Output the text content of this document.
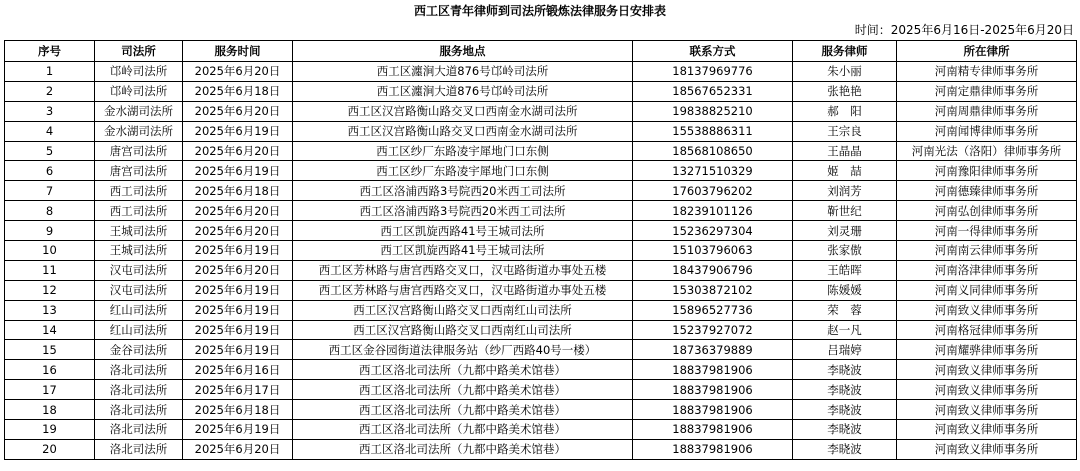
西工区青年律师到司法所锻炼法律服务日安排表
时间：2025年6月16日-2025年6月20日
序号	司法所	服务时间	服务地点	联系方式	服务律师	所在律所
1	邙岭司法所	2025年6月20日	西工区瀍涧大道876号邙岭司法所	18137969776	朱小丽	河南精专律师事务所
2	邙岭司法所	2025年6月18日	西工区瀍涧大道876号邙岭司法所	18567652331	张艳艳	河南定鼎律师事务所
3	金水湖司法所	2025年6月20日	西工区汉宫路衡山路交叉口西南金水湖司法所	19838825210	郝　阳	河南周鼎律师事务所
4	金水湖司法所	2025年6月19日	西工区汉宫路衡山路交叉口西南金水湖司法所	15538886311	王宗良	河南闻博律师事务所
5	唐宫司法所	2025年6月20日	西工区纱厂东路凌宇犀地门口东侧	18568108650	王晶晶	河南光法（洛阳）律师事务所
6	唐宫司法所	2025年6月19日	西工区纱厂东路凌宇犀地门口东侧	13271510329	姬　喆	河南豫阳律师事务所
7	西工司法所	2025年6月18日	西工区洛浦西路3号院西20米西工司法所	17603796202	刘润芳	河南德臻律师事务所
8	西工司法所	2025年6月20日	西工区洛浦西路3号院西20米西工司法所	18239101126	靳世纪	河南弘创律师事务所
9	王城司法所	2025年6月20日	西工区凯旋西路41号王城司法所	15236297304	刘灵珊	河南一得律师事务所
10	王城司法所	2025年6月19日	西工区凯旋西路41号王城司法所	15103796063	张家傲	河南南云律师事务所
11	汉屯司法所	2025年6月20日	西工区芳林路与唐宫西路交叉口，汉屯路街道办事处五楼	18437906796	王皓晖	河南洛津律师事务所
12	汉屯司法所	2025年6月19日	西工区芳林路与唐宫西路交叉口，汉屯路街道办事处五楼	15303872102	陈媛媛	河南义同律师事务所
13	红山司法所	2025年6月19日	西工区汉宫路衡山路交叉口西南红山司法所	15896527736	荣　蓉	河南致义律师事务所
14	红山司法所	2025年6月19日	西工区汉宫路衡山路交叉口西南红山司法所	15237927072	赵一凡	河南格冠律师事务所
15	金谷司法所	2025年6月19日	西工区金谷园街道法律服务站（纱厂西路40号一楼）	18736379889	吕瑞婷	河南耀骅律师事务所
16	洛北司法所	2025年6月16日	西工区洛北司法所（九都中路美术馆巷）	18837981906	李晓波	河南致义律师事务所
17	洛北司法所	2025年6月17日	西工区洛北司法所（九都中路美术馆巷）	18837981906	李晓波	河南致义律师事务所
18	洛北司法所	2025年6月18日	西工区洛北司法所（九都中路美术馆巷）	18837981906	李晓波	河南致义律师事务所
19	洛北司法所	2025年6月19日	西工区洛北司法所（九都中路美术馆巷）	18837981906	李晓波	河南致义律师事务所
20	洛北司法所	2025年6月20日	西工区洛北司法所（九都中路美术馆巷）	18837981906	李晓波	河南致义律师事务所
